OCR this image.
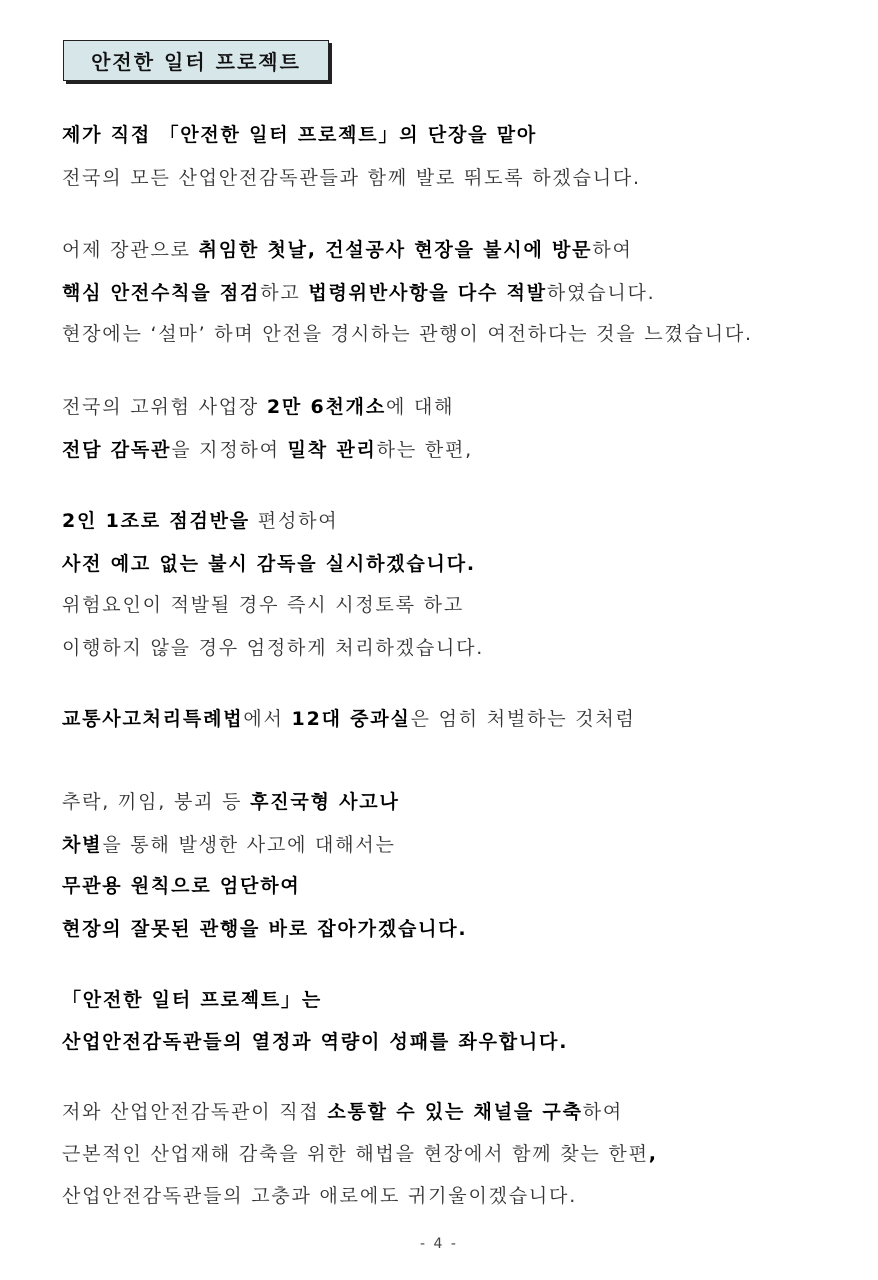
안전한 일터 프로젝트
제가 직접 「안전한 일터 프로젝트」의 단장을 맡아
전국의 모든 산업안전감독관들과 함께 발로 뛰도록 하겠습니다.
어제 장관으로 취임한 첫날, 건설공사 현장을 불시에 방문하여
핵심 안전수칙을 점검하고 법령위반사항을 다수 적발하였습니다.
현장에는 ‘설마’ 하며 안전을 경시하는 관행이 여전하다는 것을 느꼈습니다.
전국의 고위험 사업장 2만 6천개소에 대해
전담 감독관을 지정하여 밀착 관리하는 한편,
2인 1조로 점검반을 편성하여
사전 예고 없는 불시 감독을 실시하겠습니다.
위험요인이 적발될 경우 즉시 시정토록 하고
이행하지 않을 경우 엄정하게 처리하겠습니다.
교통사고처리특례법에서 12대 중과실은 엄히 처벌하는 것처럼
추락, 끼임, 붕괴 등 후진국형 사고나
차별을 통해 발생한 사고에 대해서는
무관용 원칙으로 엄단하여
현장의 잘못된 관행을 바로 잡아가겠습니다.
「안전한 일터 프로젝트」는
산업안전감독관들의 열정과 역량이 성패를 좌우합니다.
저와 산업안전감독관이 직접 소통할 수 있는 채널을 구축하여
근본적인 산업재해 감축을 위한 해법을 현장에서 함께 찾는 한편,
산업안전감독관들의 고충과 애로에도 귀기울이겠습니다.
- 4 -
